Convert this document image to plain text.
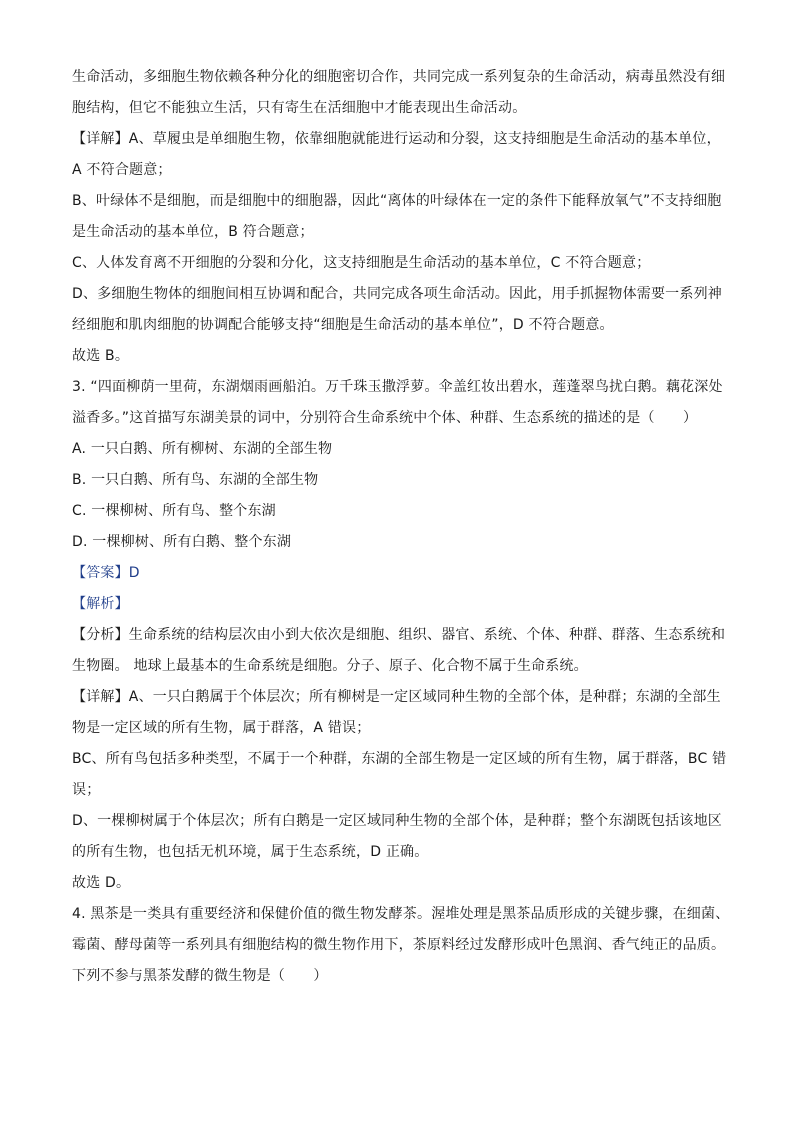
生命活动，多细胞生物依赖各种分化的细胞密切合作，共同完成一系列复杂的生命活动，病毒虽然没有细
胞结构，但它不能独立生活，只有寄生在活细胞中才能表现出生命活动。
【详解】A、草履虫是单细胞生物，依靠细胞就能进行运动和分裂，这支持细胞是生命活动的基本单位，
A 不符合题意；
B、叶绿体不是细胞，而是细胞中的细胞器，因此“离体的叶绿体在一定的条件下能释放氧气”不支持细胞
是生命活动的基本单位，B 符合题意；
C、人体发育离不开细胞的分裂和分化，这支持细胞是生命活动的基本单位，C 不符合题意；
D、多细胞生物体的细胞间相互协调和配合，共同完成各项生命活动。因此，用手抓握物体需要一系列神
经细胞和肌肉细胞的协调配合能够支持“细胞是生命活动的基本单位”，D 不符合题意。
故选 B。
3. “四面柳荫一里荷，东湖烟雨画船泊。万千珠玉撒浮萝。伞盖红妆出碧水，莲蓬翠鸟扰白鹅。藕花深处
溢香多。”这首描写东湖美景的词中，分别符合生命系统中个体、种群、生态系统的描述的是（　　）
A. 一只白鹅、所有柳树、东湖的全部生物
B. 一只白鹅、所有鸟、东湖的全部生物
C. 一棵柳树、所有鸟、整个东湖
D. 一棵柳树、所有白鹅、整个东湖
【答案】D
【解析】
【分析】生命系统的结构层次由小到大依次是细胞、组织、器官、系统、个体、种群、群落、生态系统和
生物圈。 地球上最基本的生命系统是细胞。分子、原子、化合物不属于生命系统。
【详解】A、一只白鹅属于个体层次；所有柳树是一定区域同种生物的全部个体，是种群；东湖的全部生
物是一定区域的所有生物，属于群落，A 错误；
BC、所有鸟包括多种类型，不属于一个种群，东湖的全部生物是一定区域的所有生物，属于群落，BC 错
误；
D、一棵柳树属于个体层次；所有白鹅是一定区域同种生物的全部个体，是种群；整个东湖既包括该地区
的所有生物，也包括无机环境，属于生态系统，D 正确。
故选 D。
4. 黑茶是一类具有重要经济和保健价值的微生物发酵茶。渥堆处理是黑茶品质形成的关键步骤，在细菌、
霉菌、酵母菌等一系列具有细胞结构的微生物作用下，茶原料经过发酵形成叶色黑润、香气纯正的品质。
下列不参与黑茶发酵的微生物是（　　）
